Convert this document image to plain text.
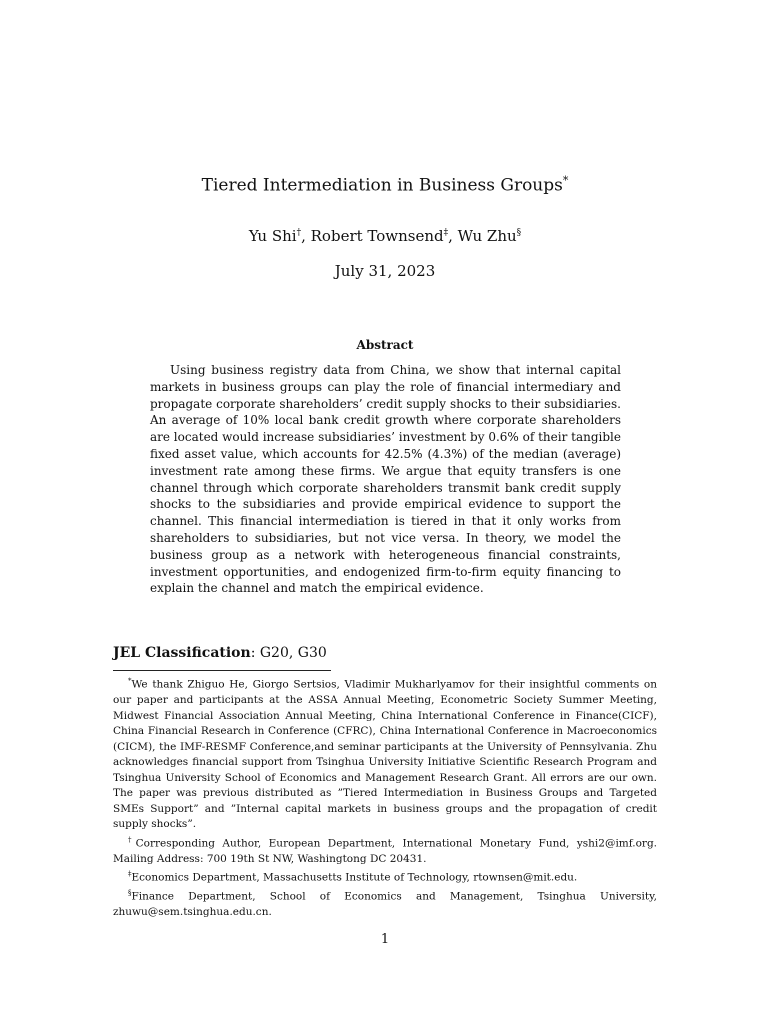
Tiered Intermediation in Business Groups*
Yu Shi†, Robert Townsend‡, Wu Zhu§
July 31, 2023
Abstract

Using business registry data from China, we show that internal capital markets in business groups can play the role of financial intermediary and propagate corporate shareholders’ credit supply shocks to their subsidiaries. An average of 10% local bank credit growth where corporate shareholders are located would increase subsidiaries’ investment by 0.6% of their tangible fixed asset value, which accounts for 42.5% (4.3%) of the median (average) investment rate among these firms. We argue that equity transfers is one channel through which corporate shareholders transmit bank credit supply shocks to the subsidiaries and provide empirical evidence to support the channel. This financial intermediation is tiered in that it only works from shareholders to subsidiaries, but not vice versa. In theory, we model the business group as a network with heterogeneous financial constraints, investment opportunities, and endogenized firm-to-firm equity financing to explain the channel and match the empirical evidence.

JEL Classification: G20, G30

*We thank Zhiguo He, Giorgo Sertsios, Vladimir Mukharlyamov for their insightful comments on our paper and participants at the ASSA Annual Meeting, Econometric Society Summer Meeting, Midwest Financial Association Annual Meeting, China International Conference in Finance(CICF), China Financial Research in Conference (CFRC), China International Conference in Macroeconomics (CICM), the IMF-RESMF Conference,and seminar participants at the University of Pennsylvania. Zhu acknowledges financial support from Tsinghua University Initiative Scientific Research Program and Tsinghua University School of Economics and Management Research Grant. All errors are our own. The paper was previous distributed as ”Tiered Intermediation in Business Groups and Targeted SMEs Support” and ”Internal capital markets in business groups and the propagation of credit supply shocks”.

†Corresponding Author, European Department, International Monetary Fund, yshi2@imf.org. Mailing Address: 700 19th St NW, Washingtong DC 20431.

‡Economics Department, Massachusetts Institute of Technology, rtownsen@mit.edu.

§Finance Department, School of Economics and Management, Tsinghua University, zhuwu@sem.tsinghua.edu.cn.

1
